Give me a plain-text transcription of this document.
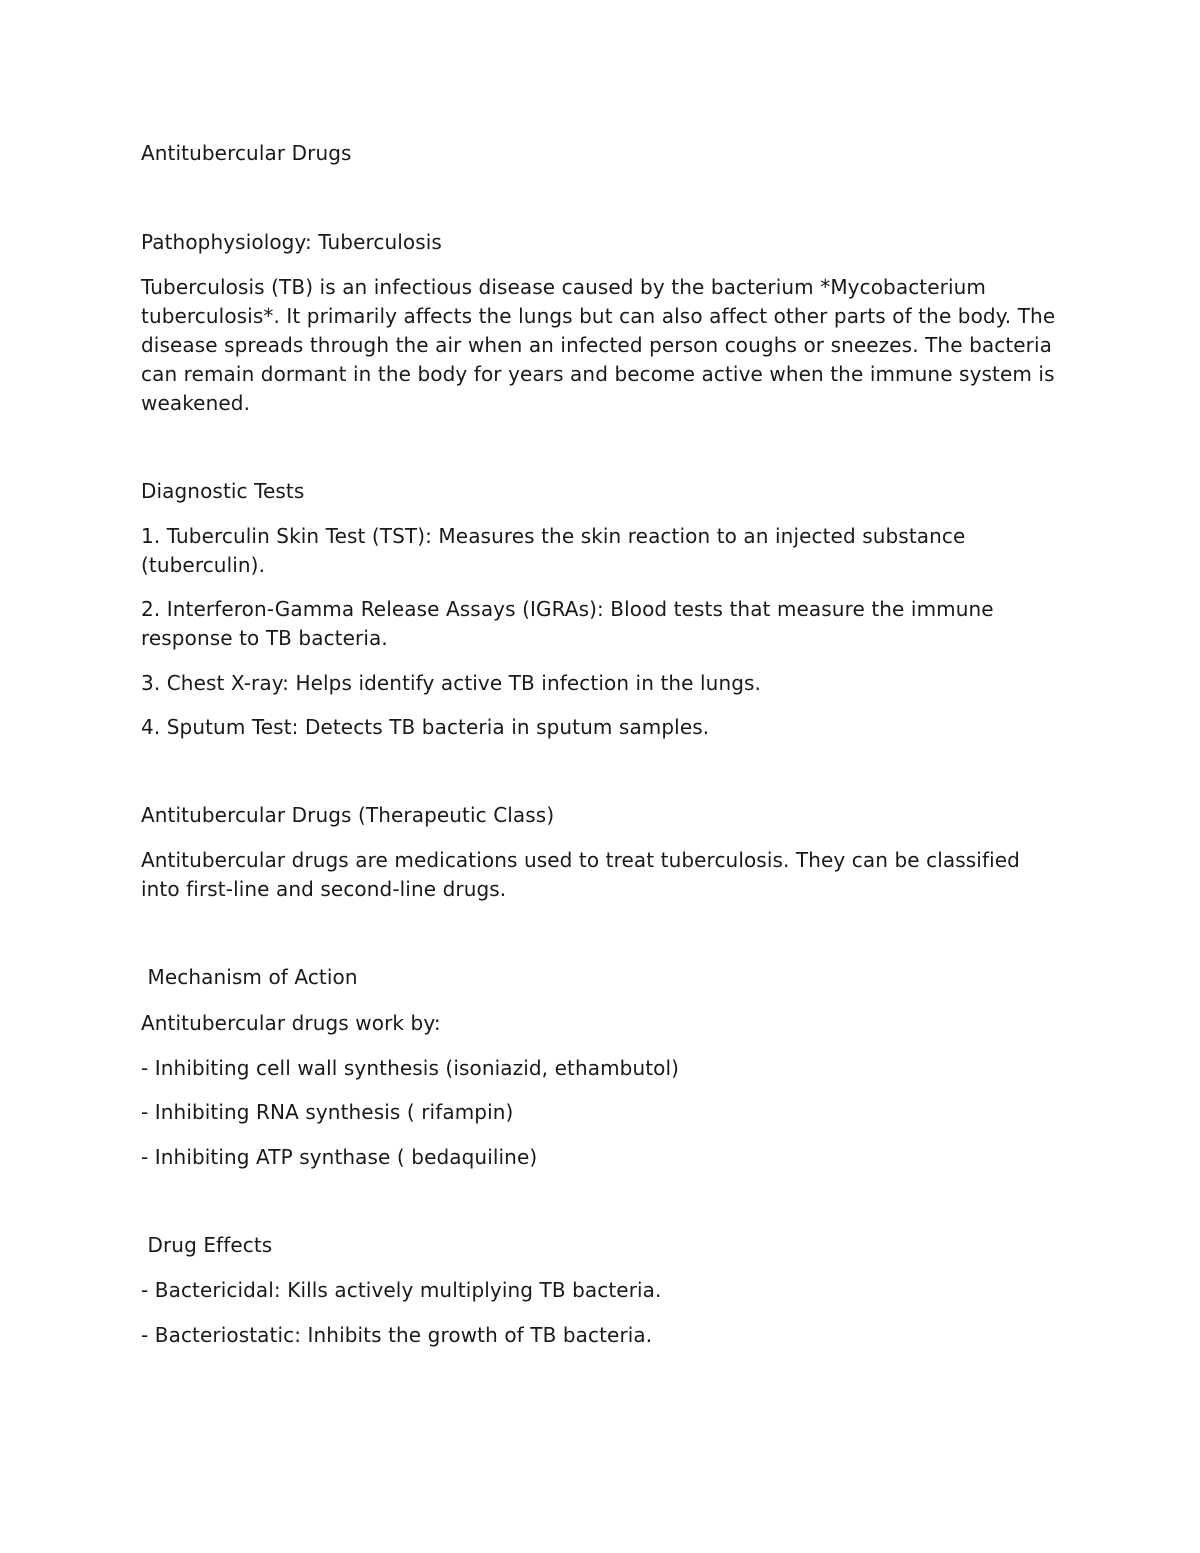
Antitubercular Drugs

Pathophysiology: Tuberculosis

Tuberculosis (TB) is an infectious disease caused by the bacterium *Mycobacterium tuberculosis*. It primarily affects the lungs but can also affect other parts of the body. The disease spreads through the air when an infected person coughs or sneezes. The bacteria can remain dormant in the body for years and become active when the immune system is weakened.

Diagnostic Tests

1. Tuberculin Skin Test (TST): Measures the skin reaction to an injected substance (tuberculin).

2. Interferon-Gamma Release Assays (IGRAs): Blood tests that measure the immune response to TB bacteria.

3. Chest X-ray: Helps identify active TB infection in the lungs.

4. Sputum Test: Detects TB bacteria in sputum samples.

Antitubercular Drugs (Therapeutic Class)

Antitubercular drugs are medications used to treat tuberculosis. They can be classified into first-line and second-line drugs.

Mechanism of Action

Antitubercular drugs work by:

- Inhibiting cell wall synthesis (isoniazid, ethambutol)

- Inhibiting RNA synthesis ( rifampin)

- Inhibiting ATP synthase ( bedaquiline)

Drug Effects

- Bactericidal: Kills actively multiplying TB bacteria.

- Bacteriostatic: Inhibits the growth of TB bacteria.
